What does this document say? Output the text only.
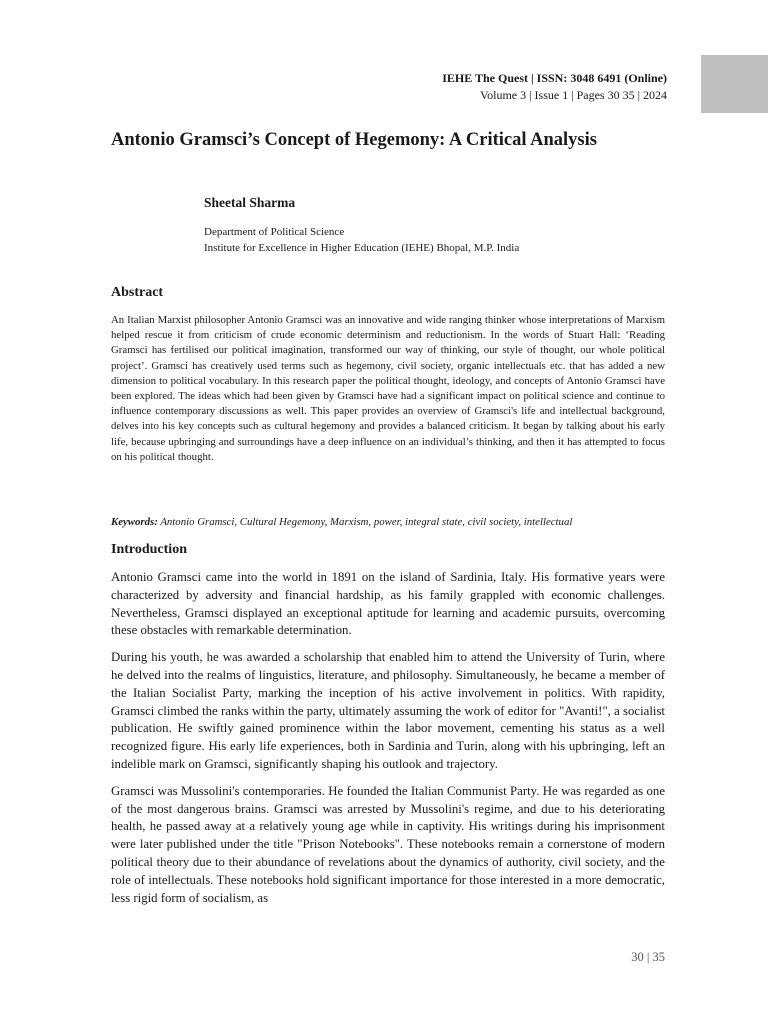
IEHE The Quest | ISSN: 3048 6491 (Online)
Volume 3 | Issue 1 | Pages 30 35 | 2024
Antonio Gramsci’s Concept of Hegemony: A Critical Analysis
Sheetal Sharma
Department of Political Science
Institute for Excellence in Higher Education (IEHE) Bhopal, M.P. India
Abstract

An Italian Marxist philosopher Antonio Gramsci was an innovative and wide ranging thinker whose interpretations of Marxism helped rescue it from criticism of crude economic determinism and reductionism. In the words of Stuart Hall: ‘Reading Gramsci has fertilised our political imagination, transformed our way of thinking, our style of thought, our whole political project’. Gramsci has creatively used terms such as hegemony, civil society, organic intellectuals etc. that has added a new dimension to political vocabulary. In this research paper the political thought, ideology, and concepts of Antonio Gramsci have been explored. The ideas which had been given by Gramsci have had a significant impact on political science and continue to influence contemporary discussions as well. This paper provides an overview of Gramsci's life and intellectual background, delves into his key concepts such as cultural hegemony and provides a balanced criticism. It began by talking about his early life, because upbringing and surroundings have a deep influence on an individual’s thinking, and then it has attempted to focus on his political thought.

Keywords: Antonio Gramsci, Cultural Hegemony, Marxism, power, integral state, civil society, intellectual
Introduction

Antonio Gramsci came into the world in 1891 on the island of Sardinia, Italy. His formative years were characterized by adversity and financial hardship, as his family grappled with economic challenges. Nevertheless, Gramsci displayed an exceptional aptitude for learning and academic pursuits, overcoming these obstacles with remarkable determination.

During his youth, he was awarded a scholarship that enabled him to attend the University of Turin, where he delved into the realms of linguistics, literature, and philosophy. Simultaneously, he became a member of the Italian Socialist Party, marking the inception of his active involvement in politics. With rapidity, Gramsci climbed the ranks within the party, ultimately assuming the work of editor for "Avanti!", a socialist publication. He swiftly gained prominence within the labor movement, cementing his status as a well recognized figure. His early life experiences, both in Sardinia and Turin, along with his upbringing, left an indelible mark on Gramsci, significantly shaping his outlook and trajectory.

Gramsci was Mussolini's contemporaries. He founded the Italian Communist Party. He was regarded as one of the most dangerous brains. Gramsci was arrested by Mussolini's regime, and due to his deteriorating health, he passed away at a relatively young age while in captivity. His writings during his imprisonment were later published under the title "Prison Notebooks". These notebooks remain a cornerstone of modern political theory due to their abundance of revelations about the dynamics of authority, civil society, and the role of intellectuals. These notebooks hold significant importance for those interested in a more democratic, less rigid form of socialism, as

30 | 35
